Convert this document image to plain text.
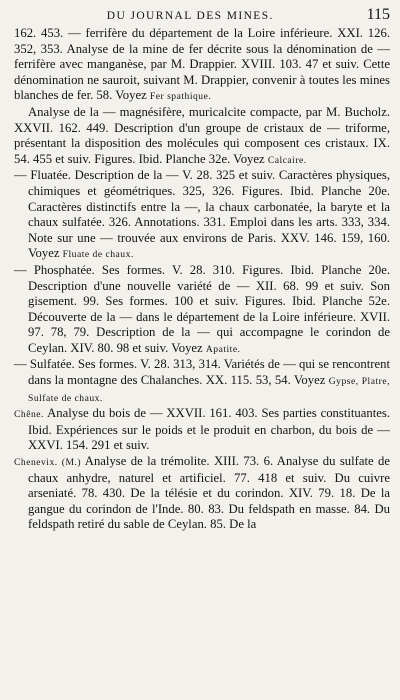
DU JOURNAL DES MINES.	115

162. 453. — ferrifère du département de la Loire inférieure. XXI. 126. 352, 353. Analyse de la mine de fer décrite sous la dénomination de — ferrifère avec manganèse, par M. Drappier. XVIII. 103. 47 et suiv. Cette dénomination ne sauroit, suivant M. Drappier, convenir à toutes les mines blanches de fer. 58. Voyez Fer spathique.

Analyse de la — magnésifère, muricalcite compacte, par M. Bucholz. XXVII. 162. 449. Description d'un groupe de cristaux de — triforme, présentant la disposition des molécules qui composent ces cristaux. IX. 54. 455 et suiv. Figures. Ibid. Planche 32e. Voyez Calcaire.

— Fluatée. Description de la — V. 28. 325 et suiv. Caractères physiques, chimiques et géométriques. 325, 326. Figures. Ibid. Planche 20e. Caractères distinctifs entre la —, la chaux carbonatée, la baryte et la chaux sulfatée. 326. Annotations. 331. Emploi dans les arts. 333, 334. Note sur une — trouvée aux environs de Paris. XXV. 146. 159, 160. Voyez Fluate de chaux.

— Phosphatée. Ses formes. V. 28. 310. Figures. Ibid. Planche 20e. Description d'une nouvelle variété de — XII. 68. 99 et suiv. Son gisement. 99. Ses formes. 100 et suiv. Figures. Ibid. Planche 52e. Découverte de la — dans le département de la Loire inférieure. XVII. 97. 78, 79. Description de la — qui accompagne le corindon de Ceylan. XIV. 80. 98 et suiv. Voyez Apatite.

— Sulfatée. Ses formes. V. 28. 313, 314. Variétés de — qui se rencontrent dans la montagne des Chalanches. XX. 115. 53, 54. Voyez Gypse, Platre, Sulfate de chaux.

Chêne. Analyse du bois de — XXVII. 161. 403. Ses parties constituantes. Ibid. Expériences sur le poids et le produit en charbon, du bois de — XXVI. 154. 291 et suiv.

Chenevix. (M.) Analyse de la trémolite. XIII. 73. 6. Analyse du sulfate de chaux anhydre, naturel et artificiel. 77. 418 et suiv. Du cuivre arseniaté. 78. 430. De la télésie et du corindon. XIV. 79. 18. De la gangue du corindon de l'Inde. 80. 83. Du feldspath en masse. 84. Du feldspath retiré du sable de Ceylan. 85. De la
